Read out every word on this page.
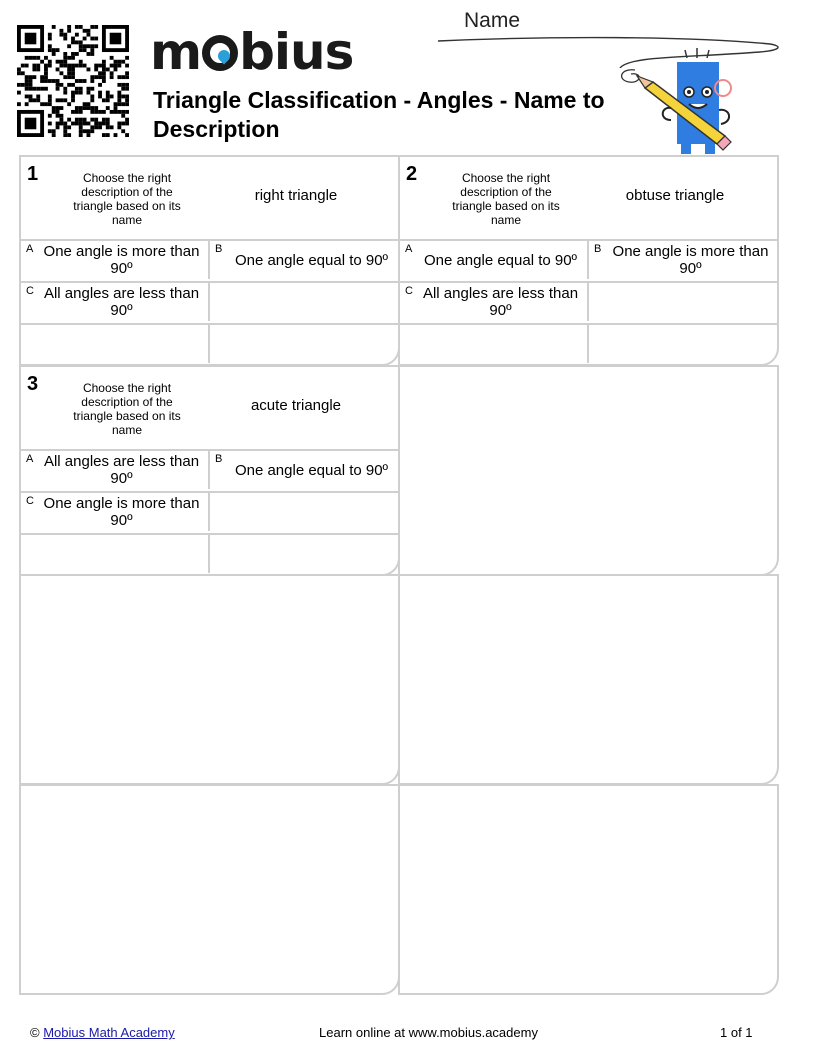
m bius
Triangle Classification - Angles - Name to Description
Name
1	Choose the right description of the triangle based on its name
right triangle
A One angle is more than 90º
B
One angle equal to 90º
C All angles are less than 90º
2	Choose the right description of the triangle based on its name
obtuse triangle
A
One angle equal to 90º
B One angle is more than 90º
C All angles are less than 90º
3	Choose the right description of the triangle based on its name
acute triangle
A All angles are less than 90º
B
One angle equal to 90º
C One angle is more than 90º
© Mobius Math Academy	Learn online at www.mobius.academy	1 of 1
